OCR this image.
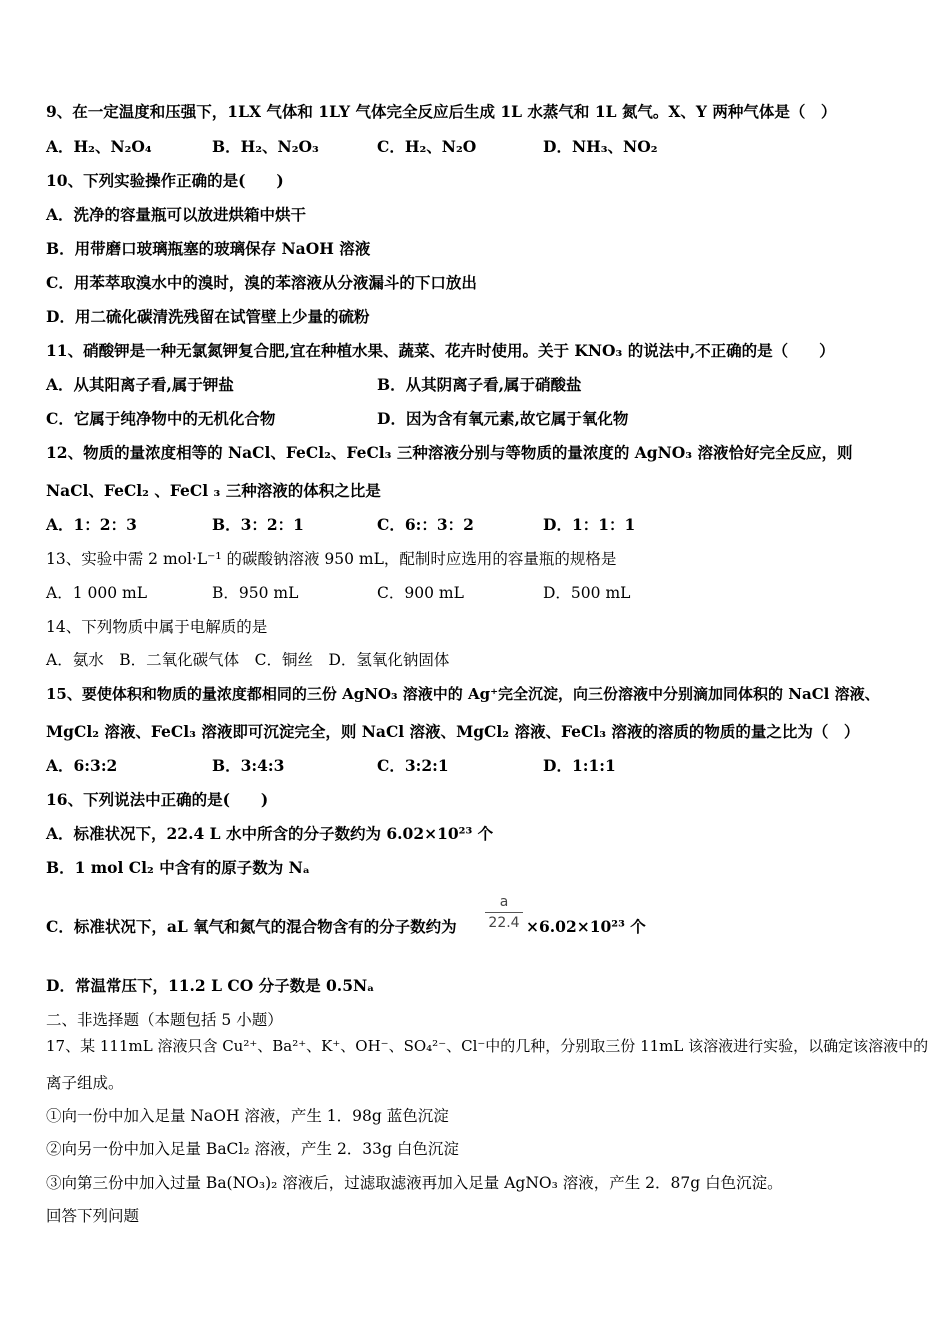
9、在一定温度和压强下，1LX 气体和 1LY 气体完全反应后生成 1L 水蒸气和 1L 氮气。X、Y 两种气体是（　）
A．H₂、N₂O₄	B．H₂、N₂O₃	C．H₂、N₂O	D．NH₃、NO₂
10、下列实验操作正确的是(　　)
A．洗净的容量瓶可以放进烘箱中烘干
B．用带磨口玻璃瓶塞的玻璃保存 NaOH 溶液
C．用苯萃取溴水中的溴时，溴的苯溶液从分液漏斗的下口放出
D．用二硫化碳清洗残留在试管壁上少量的硫粉
11、硝酸钾是一种无氯氮钾复合肥,宜在种植水果、蔬菜、花卉时使用。关于 KNO₃ 的说法中,不正确的是（　　）
A．从其阳离子看,属于钾盐	B．从其阴离子看,属于硝酸盐
C．它属于纯净物中的无机化合物	D．因为含有氧元素,故它属于氧化物
12、物质的量浓度相等的 NaCl、FeCl₂、FeCl₃ 三种溶液分别与等物质的量浓度的 AgNO₃ 溶液恰好完全反应，则
NaCl、FeCl₂ 、FeCl ₃ 三种溶液的体积之比是
A．1：2：3	B．3：2：1	C．6:：3：2	D．1：1：1
13、实验中需 2 mol·L⁻¹ 的碳酸钠溶液 950 mL，配制时应选用的容量瓶的规格是
A．1 000 mL	B．950 mL	C．900 mL	D．500 mL
14、下列物质中属于电解质的是
A．氨水　B．二氧化碳气体　C．铜丝　D．氢氧化钠固体
15、要使体积和物质的量浓度都相同的三份 AgNO₃ 溶液中的 Ag⁺完全沉淀，向三份溶液中分别滴加同体积的 NaCl 溶液、
MgCl₂ 溶液、FeCl₃ 溶液即可沉淀完全，则 NaCl 溶液、MgCl₂ 溶液、FeCl₃ 溶液的溶质的物质的量之比为（　）
A．6:3:2	B．3:4:3	C．3:2:1	D．1:1:1
16、下列说法中正确的是(　　)
A．标准状况下，22.4 L 水中所含的分子数约为 6.02×10²³ 个
B．1 mol Cl₂ 中含有的原子数为 Nₐ
C．标准状况下，aL 氧气和氮气的混合物含有的分子数约为
a
22.4 ×6.02×10²³ 个
D．常温常压下，11.2 L CO 分子数是 0.5Nₐ
二、非选择题（本题包括 5 小题）
17、某 111mL 溶液只含 Cu²⁺、Ba²⁺、K⁺、OH⁻、SO₄²⁻、Cl⁻中的几种，分别取三份 11mL 该溶液进行实验，以确定该溶液中的
离子组成。
①向一份中加入足量 NaOH 溶液，产生 1．98g 蓝色沉淀
②向另一份中加入足量 BaCl₂ 溶液，产生 2．33g 白色沉淀
③向第三份中加入过量 Ba(NO₃)₂ 溶液后，过滤取滤液再加入足量 AgNO₃ 溶液，产生 2．87g 白色沉淀。
回答下列问题
